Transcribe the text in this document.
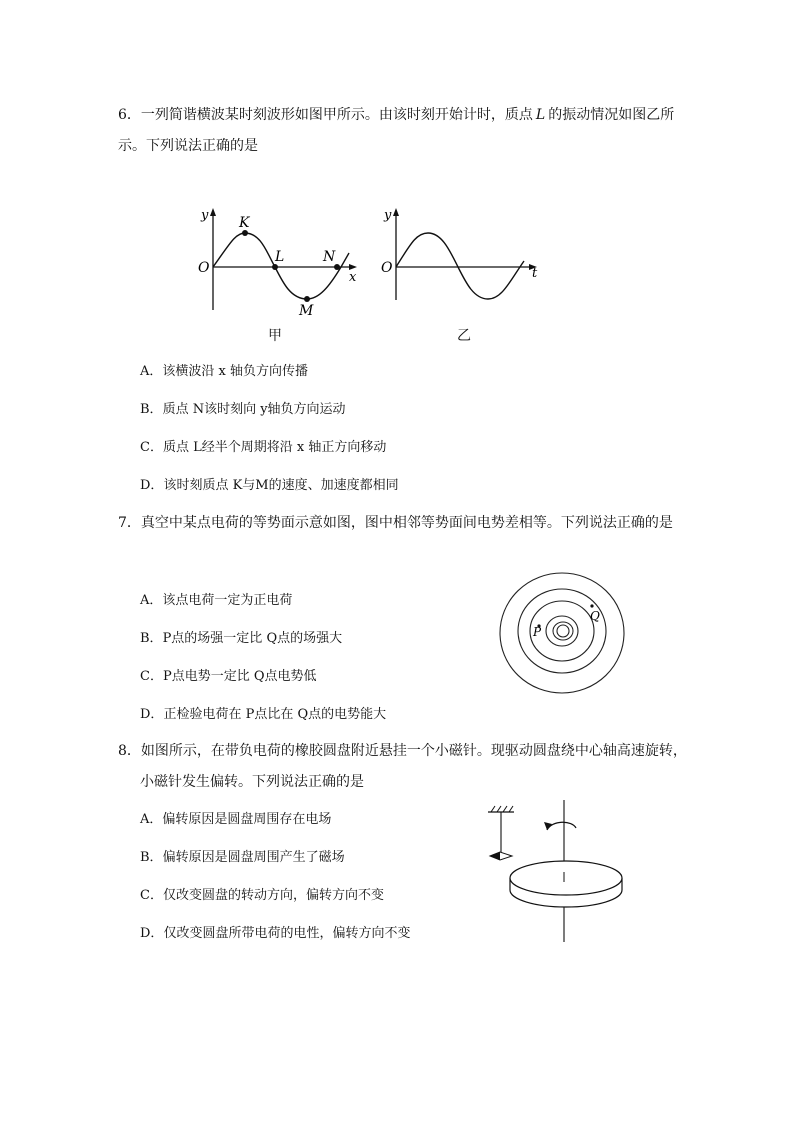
6．一列简谐横波某时刻波形如图甲所示。由该时刻开始计时，质点 L 的振动情况如图乙所
示。下列说法正确的是
y
O
K
L
M
N
x
甲
y
O	t
乙
A．该横波沿 x 轴负方向传播
B．质点 N该时刻向 y轴负方向运动
C．质点 L经半个周期将沿 x 轴正方向移动
D．该时刻质点 K与M的速度、加速度都相同
7．真空中某点电荷的等势面示意如图，图中相邻等势面间电势差相等。下列说法正确的是
P
Q
A．该点电荷一定为正电荷
B．P点的场强一定比 Q点的场强大
C．P点电势一定比 Q点电势低
D．正检验电荷在 P点比在 Q点的电势能大
8．如图所示，在带负电荷的橡胶圆盘附近悬挂一个小磁针。现驱动圆盘绕中心轴高速旋转，
小磁针发生偏转。下列说法正确的是
A．偏转原因是圆盘周围存在电场
B．偏转原因是圆盘周围产生了磁场
C．仅改变圆盘的转动方向，偏转方向不变
D．仅改变圆盘所带电荷的电性，偏转方向不变
